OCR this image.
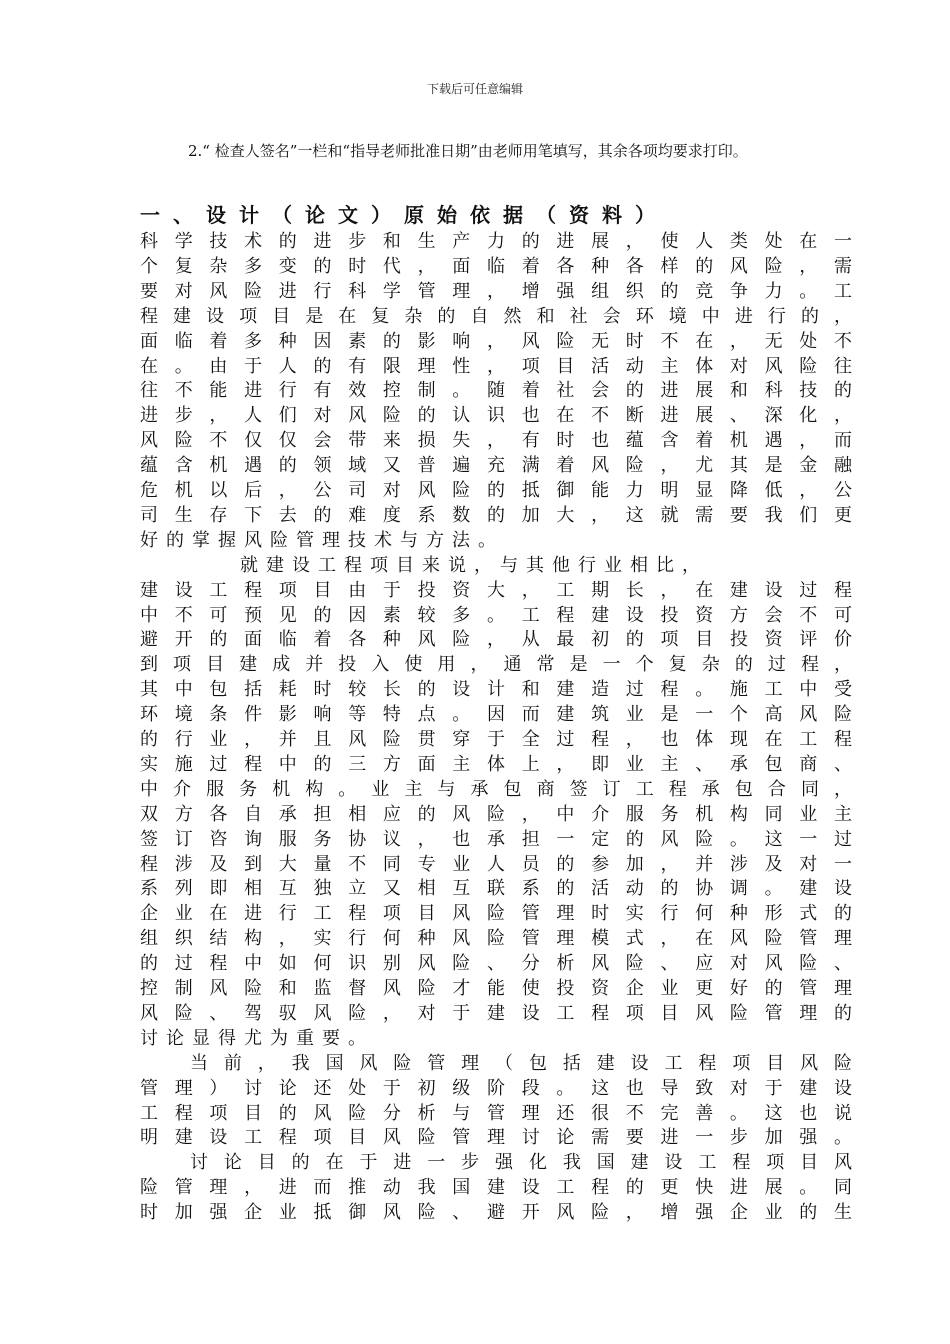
下载后可任意编辑
2.“ 检查人签名”一栏和“指导老师批准日期”由老师用笔填写，其余各项均要求打印。
一、设计（论文）原始依据（资料）
科学技术的进步和生产力的进展，使人类处在一
个复杂多变的时代，面临着各种各样的风险，需
要对风险进行科学管理，增强组织的竞争力。工
程建设项目是在复杂的自然和社会环境中进行的，
面临着多种因素的影响，风险无时不在，无处不
在。由于人的有限理性，项目活动主体对风险往
往不能进行有效控制。随着社会的进展和科技的
进步，人们对风险的认识也在不断进展、深化，
风险不仅仅会带来损失，有时也蕴含着机遇，而
蕴含机遇的领域又普遍充满着风险，尤其是金融
危机以后，公司对风险的抵御能力明显降低，公
司生存下去的难度系数的加大，这就需要我们更
好的掌握风险管理技术与方法。
就建设工程项目来说，与其他行业相比，
建设工程项目由于投资大，工期长，在建设过程
中不可预见的因素较多。工程建设投资方会不可
避开的面临着各种风险，从最初的项目投资评价
到项目建成并投入使用，通常是一个复杂的过程，
其中包括耗时较长的设计和建造过程。施工中受
环境条件影响等特点。因而建筑业是一个高风险
的行业，并且风险贯穿于全过程，也体现在工程
实施过程中的三方面主体上，即业主、承包商、
中介服务机构。业主与承包商签订工程承包合同，
双方各自承担相应的风险，中介服务机构同业主
签订咨询服务协议，也承担一定的风险。这一过
程涉及到大量不同专业人员的参加，并涉及对一
系列即相互独立又相互联系的活动的协调。建设
企业在进行工程项目风险管理时实行何种形式的
组织结构，实行何种风险管理模式，在风险管理
的过程中如何识别风险、分析风险、应对风险、
控制风险和监督风险才能使投资企业更好的管理
风险、驾驭风险，对于建设工程项目风险管理的
讨论显得尤为重要。
当前，我国风险管理（包括建设工程项目风险
管理）讨论还处于初级阶段。这也导致对于建设
工程项目的风险分析与管理还很不完善。这也说
明建设工程项目风险管理讨论需要进一步加强。
讨论目的在于进一步强化我国建设工程项目风
险管理，进而推动我国建设工程的更快进展。同
时加强企业抵御风险、避开风险，增强企业的生
